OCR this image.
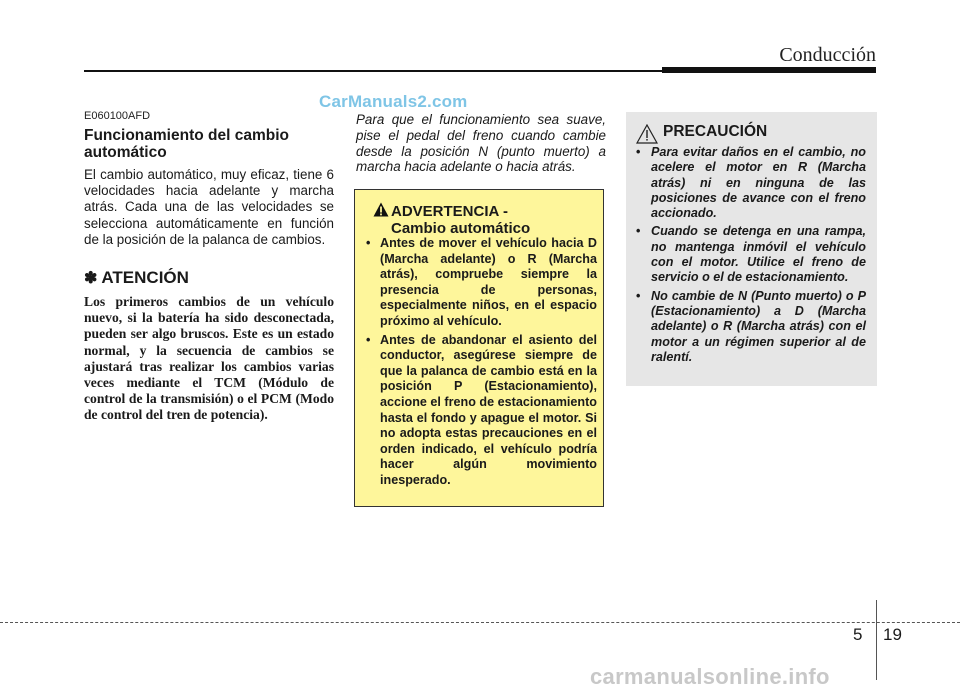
Conducción
CarManuals2.com
E060100AFD
Funcionamiento del cambio automático

El cambio automático, muy eficaz, tiene 6 velocidades hacia adelante y marcha atrás. Cada una de las velocidades se selecciona automáticamente en función de la posición de la palanca de cambios.

✽ ATENCIÓN

Los primeros cambios de un vehículo nuevo, si la batería ha sido desconectada, pueden ser algo bruscos. Este es un estado normal, y la secuencia de cambios se ajustará tras realizar los cambios varias veces mediante el TCM (Módulo de control de la transmisión) o el PCM (Modo de control del tren de potencia).

Para que el funcionamiento sea suave, pise el pedal del freno cuando cambie desde la posición N (punto muerto) a marcha hacia adelante o hacia atrás.

ADVERTENCIA -
Cambio automático
• Antes de mover el vehículo hacia D (Marcha adelante) o R (Marcha atrás), compruebe siempre la presencia de personas, especialmente niños, en el espacio próximo al vehículo.
• Antes de abandonar el asiento del conductor, asegúrese siempre de que la palanca de cambio está en la posición P (Estacionamiento), accione el freno de estacionamiento hasta el fondo y apague el motor. Si no adopta estas precauciones en el orden indicado, el vehículo podría hacer algún movimiento inesperado.
PRECAUCIÓN
• Para evitar daños en el cambio, no acelere el motor en R (Marcha atrás) ni en ninguna de las posiciones de avance con el freno accionado.
• Cuando se detenga en una rampa, no mantenga inmóvil el vehículo con el motor. Utilice el freno de servicio o el de estacionamiento.
• No cambie de N (Punto muerto) o P (Estacionamiento) a D (Marcha adelante) o R (Marcha atrás) con el motor a un régimen superior al de ralentí.
5 19
carmanualsonline.info
